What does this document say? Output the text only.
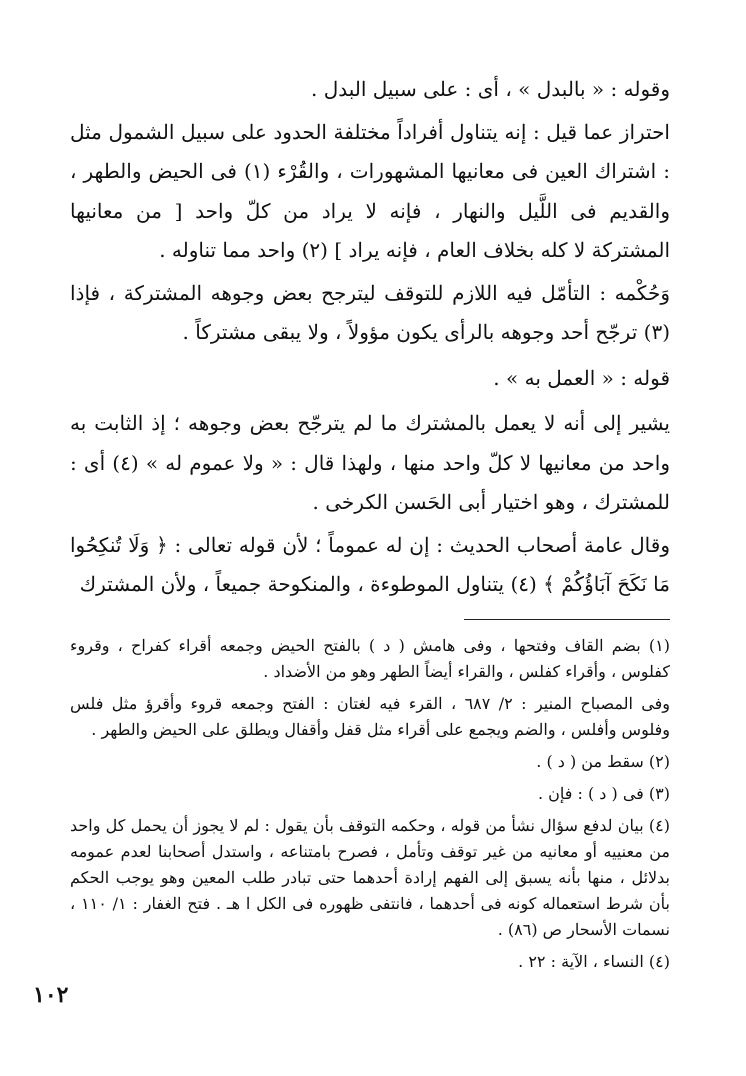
وقوله : « بالبدل » ، أى : على سبيل البدل .

احتراز عما قيل : إنه يتناول أفراداً مختلفة الحدود على سبيل الشمول مثل : اشتراك العين فى معانيها المشهورات ، والقُرْء (١) فى الحيض والطهر ، والقديم فى اللَّيل والنهار ، فإنه لا يراد من كلّ واحد [ من معانيها المشتركة لا كله بخلاف العام ، فإنه يراد ] (٢) واحد مما تناوله .

وَحُكْمه : التأمّل فيه اللازم للتوقف ليترجح بعض وجوهه المشتركة ، فإذا (٣) ترجّح أحد وجوهه بالرأى يكون مؤولاً ، ولا يبقى مشتركاً .

قوله : « العمل به » .

يشير إلى أنه لا يعمل بالمشترك ما لم يترجّح بعض وجوهه ؛ إذ الثابت به واحد من معانيها لا كلّ واحد منها ، ولهذا قال : « ولا عموم له » (٤) أى : للمشترك ، وهو اختيار أبى الحَسن الكرخى .

وقال عامة أصحاب الحديث : إن له عموماً ؛ لأن قوله تعالى : ﴿ وَلَا تُنكِحُوا مَا نَكَحَ آبَاؤُكُمْ ﴾ (٤) يتناول الموطوءة ، والمنكوحة جميعاً ، ولأن المشترك

(١) بضم القاف وفتحها ، وفى هامش ( د ) بالفتح الحيض وجمعه أقراء كفراح ، وقروء كفلوس ، وأقراء كفلس ، والقراء أيضاً الطهر وهو من الأضداد .

وفى المصباح المنير : ٢/ ٦٨٧ ، القرء فيه لغتان : الفتح وجمعه قروء وأقرؤ مثل فلس وفلوس وأفلس ، والضم ويجمع على أقراء مثل قفل وأقفال ويطلق على الحيض والطهر .

(٢) سقط من ( د ) .

(٣) فى ( د ) : فإن .

(٤) بيان لدفع سؤال نشأ من قوله ، وحكمه التوقف بأن يقول : لم لا يجوز أن يحمل كل واحد من معنييه أو معانيه من غير توقف وتأمل ، فصرح بامتناعه ، واستدل أصحابنا لعدم عمومه بدلائل ، منها بأنه يسبق إلى الفهم إرادة أحدهما حتى تبادر طلب المعين وهو يوجب الحكم بأن شرط استعماله كونه فى أحدهما ، فانتفى ظهوره فى الكل ا هـ . فتح الغفار : ١/ ١١٠ ، نسمات الأسحار ص (٨٦) .

(٤) النساء ، الآية : ٢٢ .

١٠٢
